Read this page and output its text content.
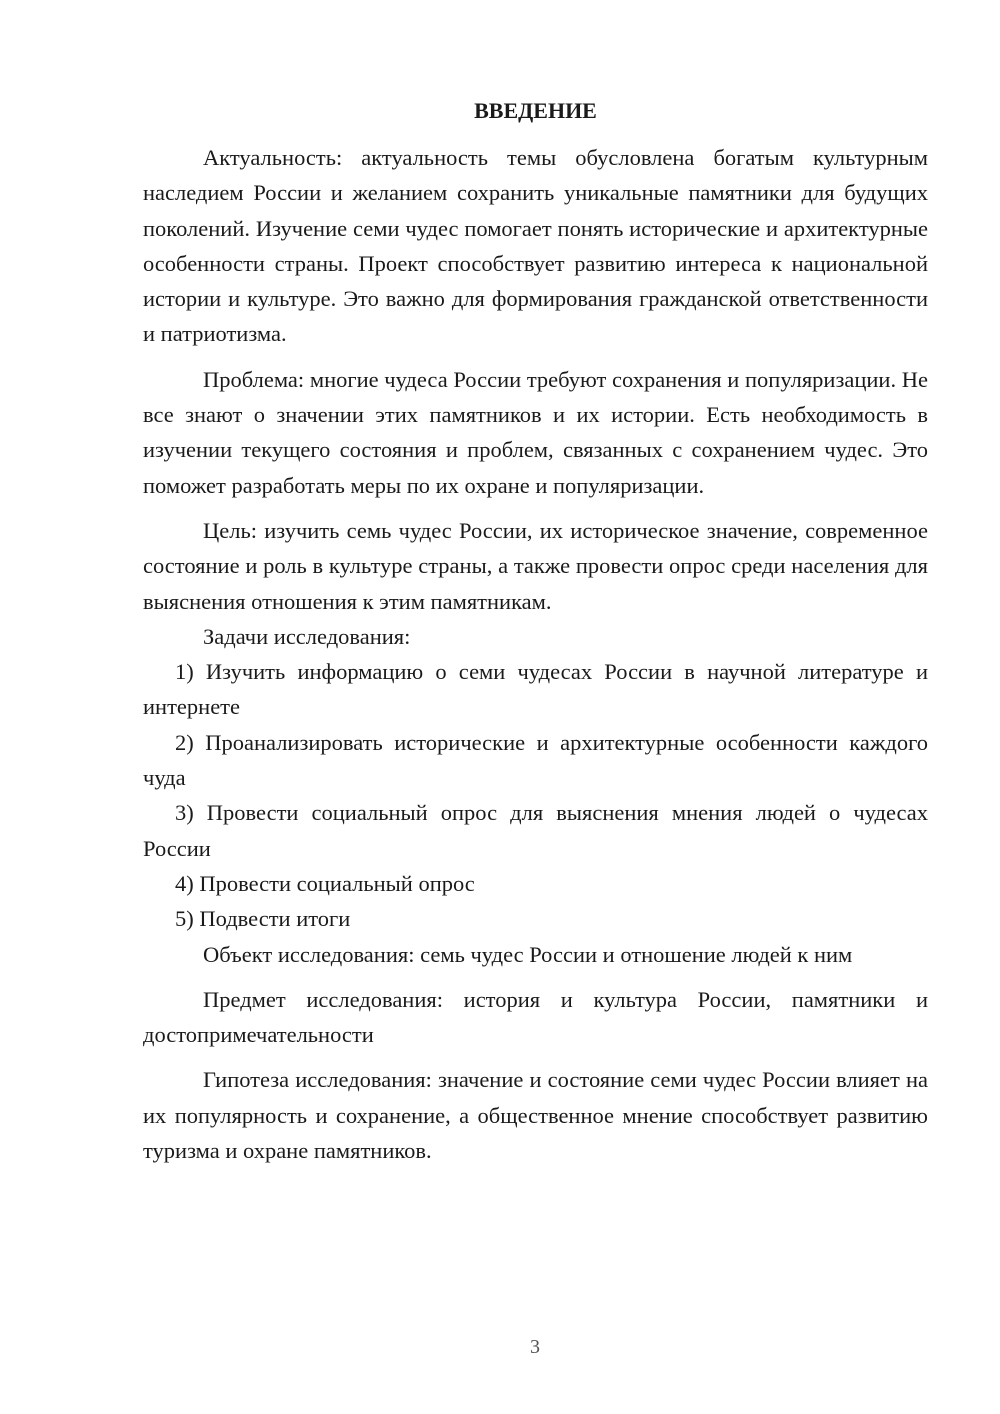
ВВЕДЕНИЕ

Актуальность: актуальность темы обусловлена богатым культурным наследием России и желанием сохранить уникальные памятники для будущих поколений. Изучение семи чудес помогает понять исторические и архитектурные особенности страны. Проект способствует развитию интереса к национальной истории и культуре. Это важно для формирования гражданской ответственности и патриотизма.

Проблема: многие чудеса России требуют сохранения и популяризации. Не все знают о значении этих памятников и их истории. Есть необходимость в изучении текущего состояния и проблем, связанных с сохранением чудес. Это поможет разработать меры по их охране и популяризации.

Цель: изучить семь чудес России, их историческое значение, современное состояние и роль в культуре страны, а также провести опрос среди населения для выяснения отношения к этим памятникам.

Задачи исследования:

1) Изучить информацию о семи чудесах России в научной литературе и интернете

2) Проанализировать исторические и архитектурные особенности каждого чуда

3) Провести социальный опрос для выяснения мнения людей о чудесах России

4) Провести социальный опрос

5) Подвести итоги

Объект исследования: семь чудес России и отношение людей к ним

Предмет исследования: история и культура России, памятники и достопримечательности

Гипотеза исследования: значение и состояние семи чудес России влияет на их популярность и сохранение, а общественное мнение способствует развитию туризма и охране памятников.

3
